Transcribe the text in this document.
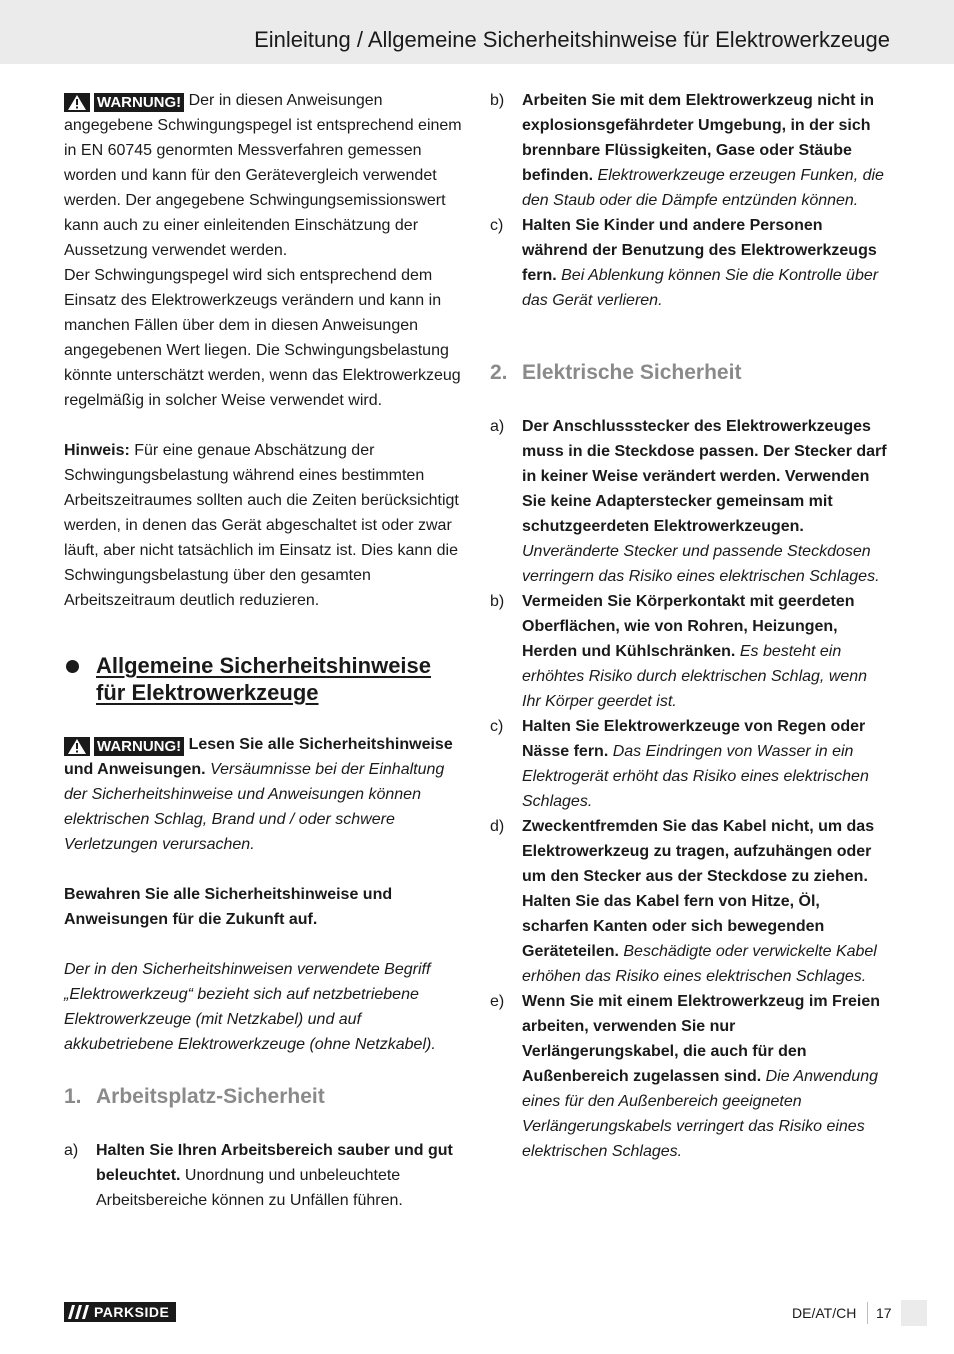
Einleitung / Allgemeine Sicherheitshinweise für Elektrowerkzeuge

WARNUNG! Der in diesen Anweisungen angegebene Schwingungspegel ist entsprechend einem in EN 60745 genormten Messverfahren gemessen worden und kann für den Gerätevergleich verwendet werden. Der angegebene Schwingungsemissionswert kann auch zu einer einleitenden Einschätzung der Aussetzung verwendet werden.

Der Schwingungspegel wird sich entsprechend dem Einsatz des Elektrowerkzeugs verändern und kann in manchen Fällen über dem in diesen Anweisungen angegebenen Wert liegen. Die Schwingungsbelastung könnte unterschätzt werden, wenn das Elektrowerkzeug regelmäßig in solcher Weise verwendet wird.

Hinweis: Für eine genaue Abschätzung der Schwingungsbelastung während eines bestimmten Arbeitszeitraumes sollten auch die Zeiten berücksichtigt werden, in denen das Gerät abgeschaltet ist oder zwar läuft, aber nicht tatsächlich im Einsatz ist. Dies kann die Schwingungsbelastung über den gesamten Arbeitszeitraum deutlich reduzieren.

Allgemeine Sicherheitshinweise für Elektrowerkzeuge

WARNUNG! Lesen Sie alle Sicherheitshinweise und Anweisungen. Versäumnisse bei der Einhaltung der Sicherheitshinweise und Anweisungen können elektrischen Schlag, Brand und / oder schwere Verletzungen verursachen.

Bewahren Sie alle Sicherheitshinweise und Anweisungen für die Zukunft auf.

Der in den Sicherheitshinweisen verwendete Begriff „Elektrowerkzeug“ bezieht sich auf netzbetriebene Elektrowerkzeuge (mit Netzkabel) und auf akkubetriebene Elektrowerkzeuge (ohne Netzkabel).

1. Arbeitsplatz-Sicherheit
a) Halten Sie Ihren Arbeitsbereich sauber und gut beleuchtet. Unordnung und unbeleuchtete Arbeitsbereiche können zu Unfällen führen.

b) Arbeiten Sie mit dem Elektrowerkzeug nicht in explosionsgefährdeter Umgebung, in der sich brennbare Flüssigkeiten, Gase oder Stäube befinden. Elektrowerkzeuge erzeugen Funken, die den Staub oder die Dämpfe entzünden können.

c) Halten Sie Kinder und andere Personen während der Benutzung des Elektrowerkzeugs fern. Bei Ablenkung können Sie die Kontrolle über das Gerät verlieren.

2. Elektrische Sicherheit
a) Der Anschlussstecker des Elektrowerkzeuges muss in die Steckdose passen. Der Stecker darf in keiner Weise verändert werden. Verwenden Sie keine Adapterstecker gemeinsam mit schutzgeerdeten Elektrowerkzeugen. Unveränderte Stecker und passende Steckdosen verringern das Risiko eines elektrischen Schlages.

b) Vermeiden Sie Körperkontakt mit geerdeten Oberflächen, wie von Rohren, Heizungen, Herden und Kühlschränken. Es besteht ein erhöhtes Risiko durch elektrischen Schlag, wenn Ihr Körper geerdet ist.

c) Halten Sie Elektrowerkzeuge von Regen oder Nässe fern. Das Eindringen von Wasser in ein Elektrogerät erhöht das Risiko eines elektrischen Schlages.

d) Zweckentfremden Sie das Kabel nicht, um das Elektrowerkzeug zu tragen, aufzuhängen oder um den Stecker aus der Steckdose zu ziehen. Halten Sie das Kabel fern von Hitze, Öl, scharfen Kanten oder sich bewegenden Geräteteilen. Beschädigte oder verwickelte Kabel erhöhen das Risiko eines elektrischen Schlages.

e) Wenn Sie mit einem Elektrowerkzeug im Freien arbeiten, verwenden Sie nur Verlängerungskabel, die auch für den Außenbereich zugelassen sind. Die Anwendung eines für den Außenbereich geeigneten Verlängerungskabels verringert das Risiko eines elektrischen Schlages.

PARKSIDE	DE/AT/CH 17
